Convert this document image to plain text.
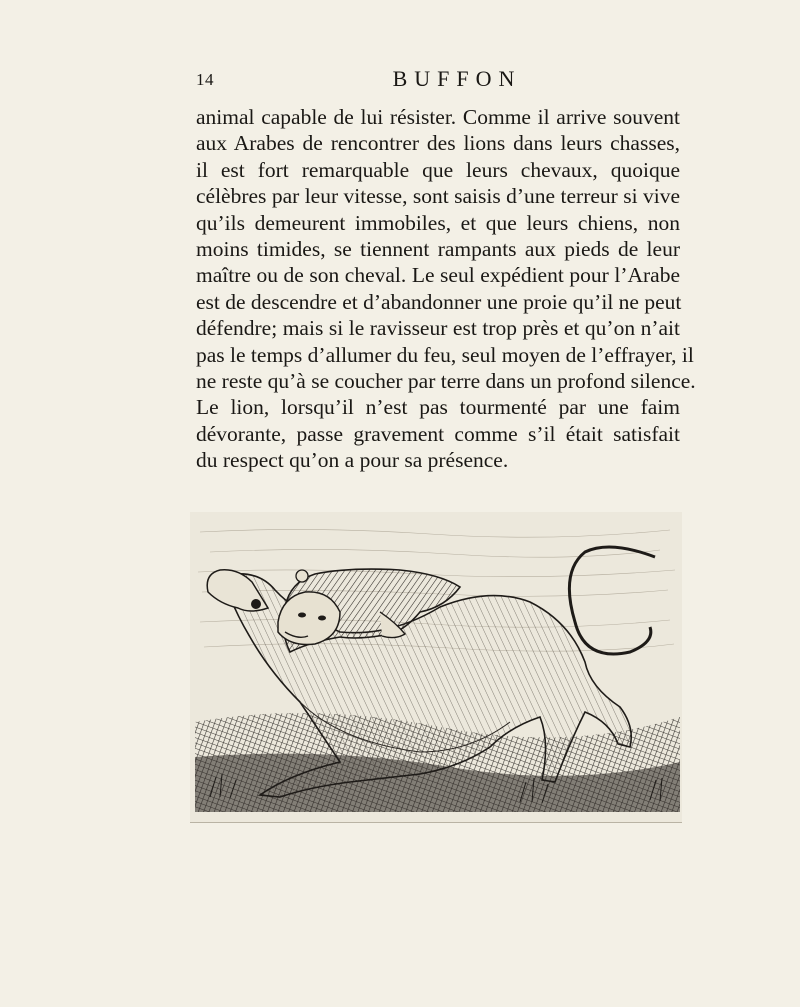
14	BUFFON
animal capable de lui résister. Comme il arrive souvent
aux Arabes de rencontrer des lions dans leurs chasses,
il est fort remarquable que leurs chevaux, quoique
célèbres par leur vitesse, sont saisis d’une terreur si vive
qu’ils demeurent immobiles, et que leurs chiens, non
moins timides, se tiennent rampants aux pieds de leur
maître ou de son cheval. Le seul expédient pour l’Arabe
est de descendre et d’abandonner une proie qu’il ne peut
défendre; mais si le ravisseur est trop près et qu’on n’ait
pas le temps d’allumer du feu, seul moyen de l’effrayer, il
ne reste qu’à se coucher par terre dans un profond silence.
Le lion, lorsqu’il n’est pas tourmenté par une faim
dévorante, passe gravement comme s’il était satisfait
du respect qu’on a pour sa présence.
